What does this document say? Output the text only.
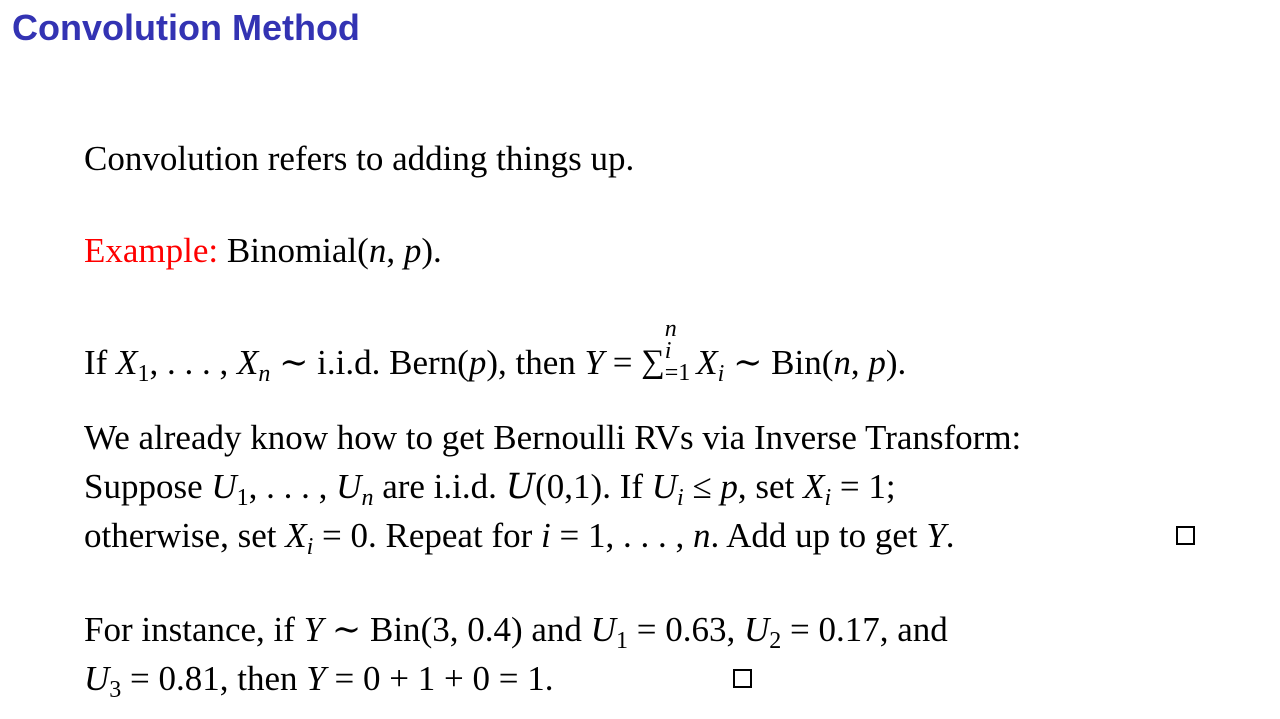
Convolution Method
Convolution refers to adding things up.
Example: Binomial(n, p).
If $X_1$, . . . , $X_n$ ∼ i.i.d. Bern(p), then Y = ∑
n
i
=1 $X_i$ ∼ Bin(n, p).
We already know how to get Bernoulli RVs via Inverse Transform:
Suppose $U_1$, . . . , $U_n$ are i.i.d. U(0,1). If $U_i \le p$, set $X_i = 1$;
otherwise, set $X_i = 0$. Repeat for i = 1, . . . , n. Add up to get Y.
For instance, if Y ∼ Bin(3, 0.4) and $U_1 = 0.63$, $U_2 = 0.17$, and
$U_3 = 0.81$, then Y = 0 + 1 + 0 = 1.
